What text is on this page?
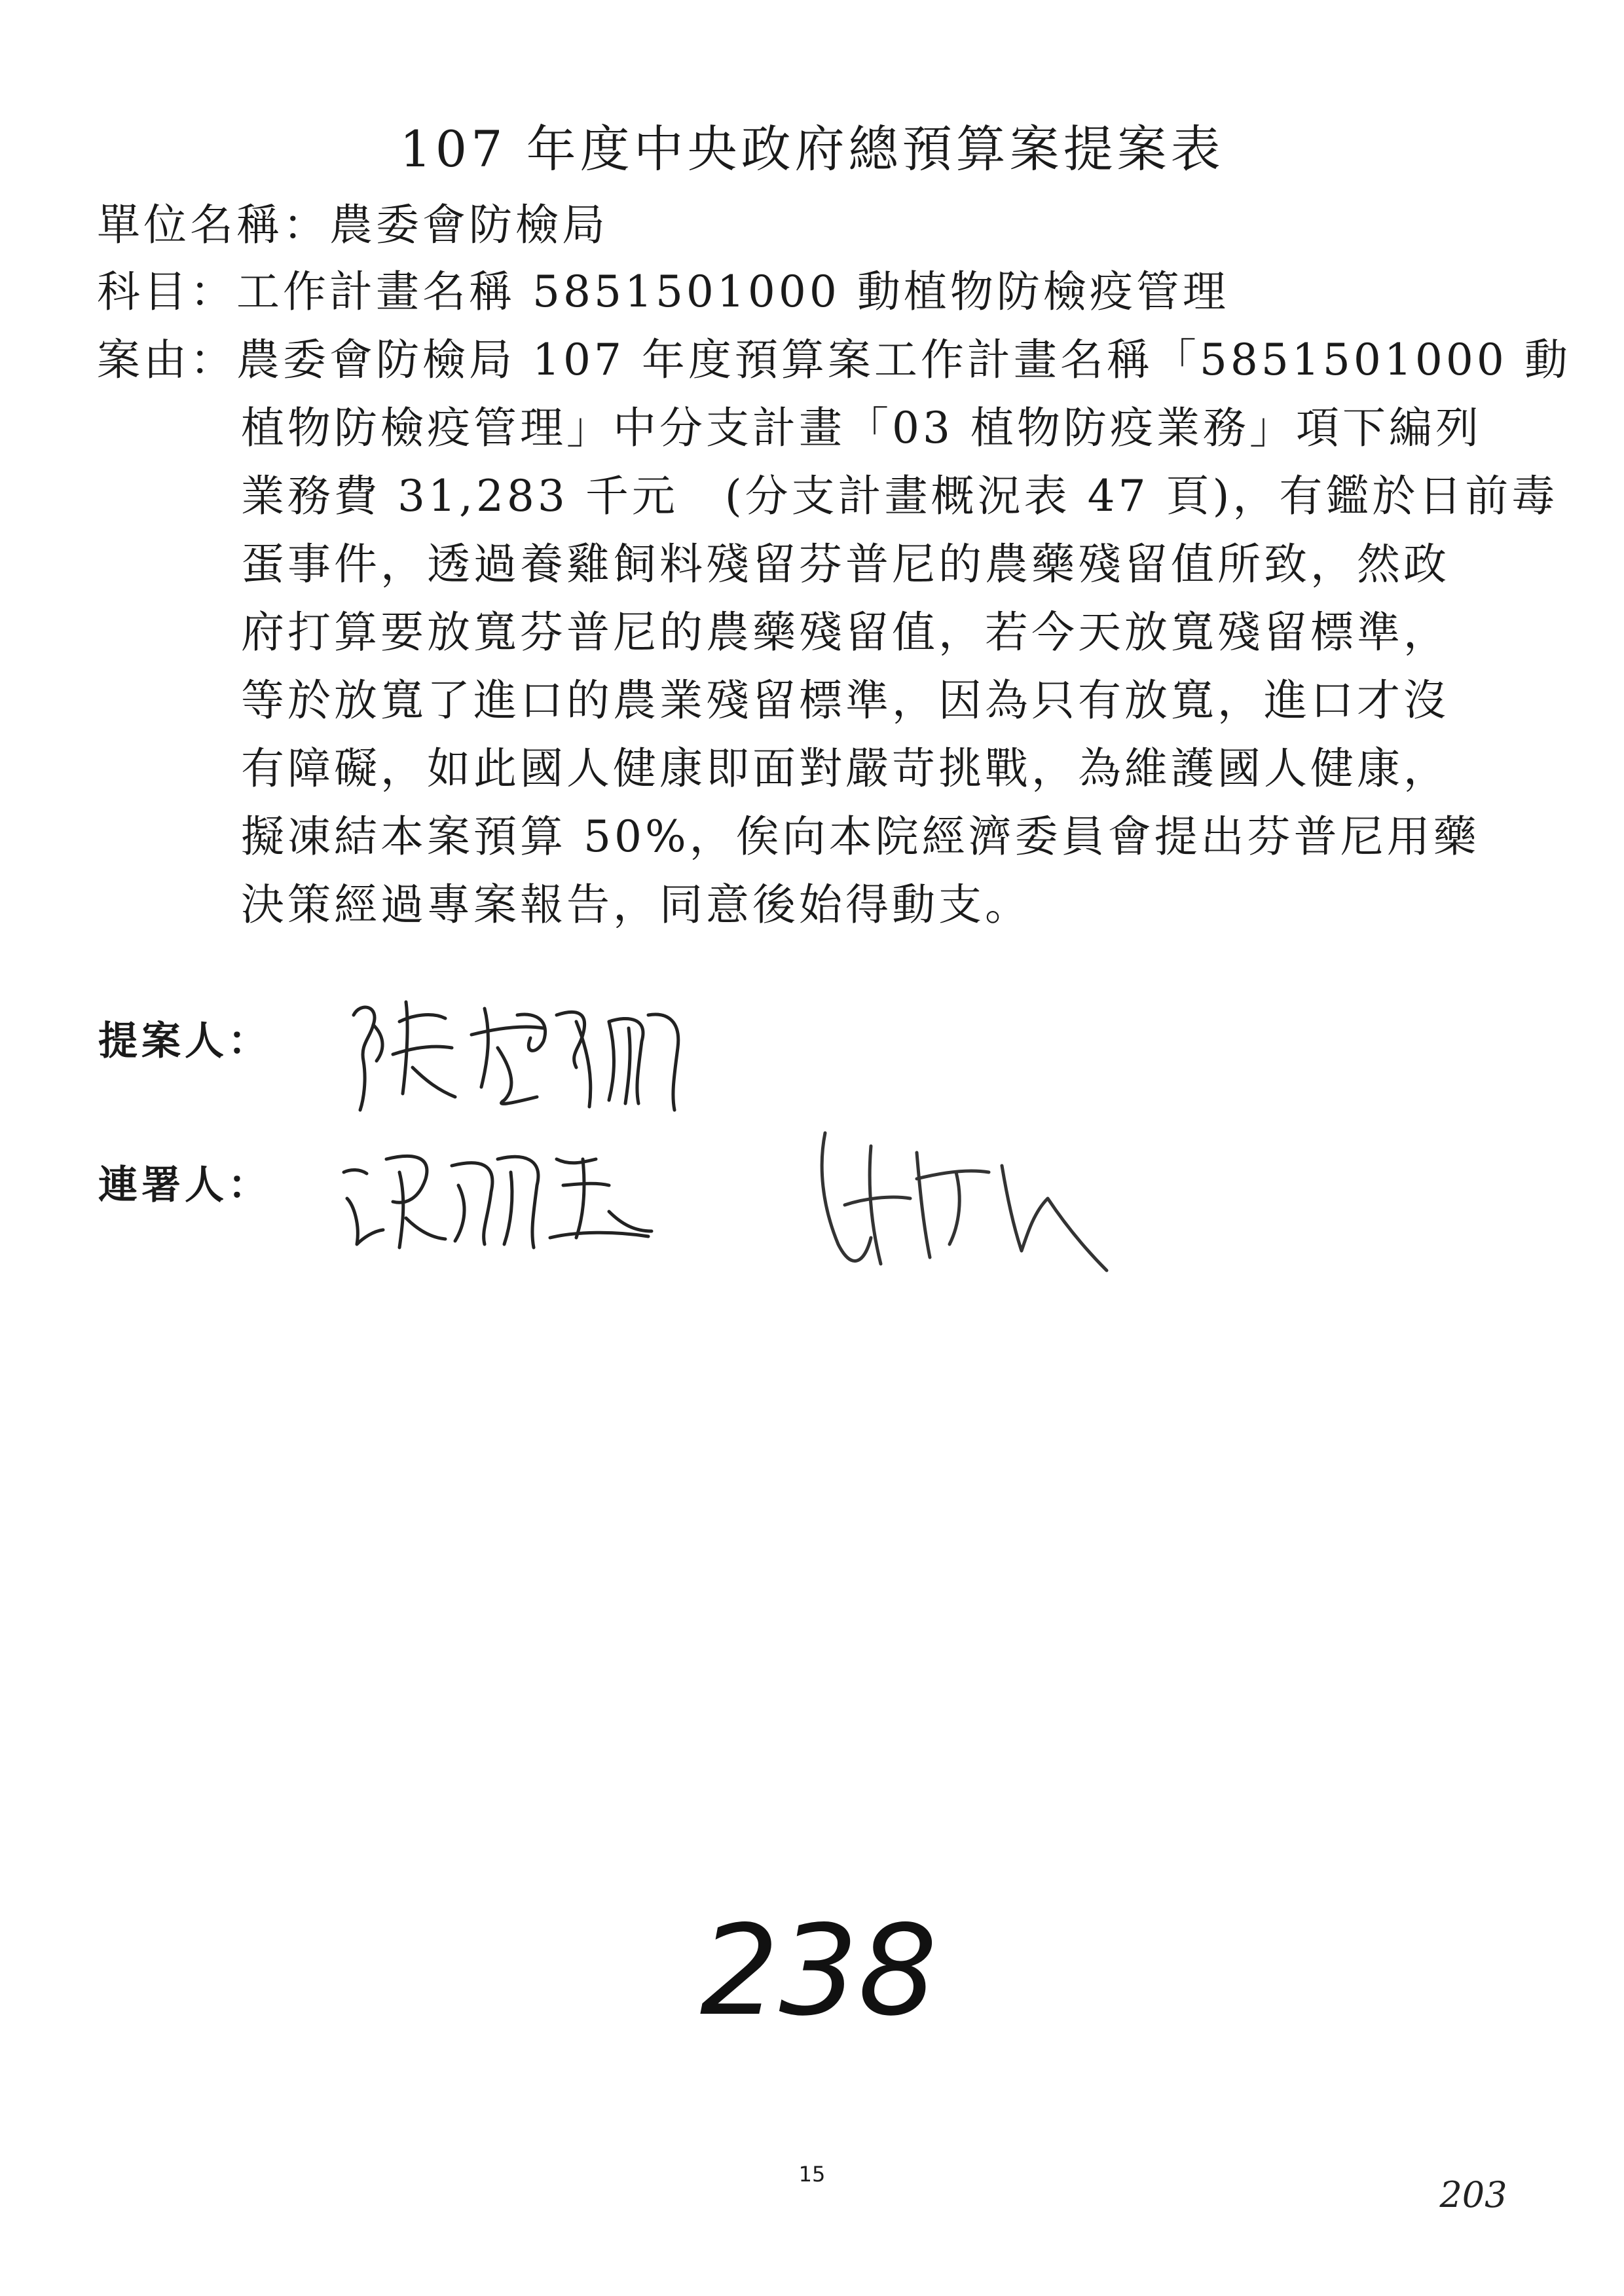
107 年度中央政府總預算案提案表
單位名稱：農委會防檢局
科目：工作計畫名稱 5851501000 動植物防檢疫管理
案由：農委會防檢局 107 年度預算案工作計畫名稱「5851501000 動
植物防檢疫管理」中分支計畫「03 植物防疫業務」項下編列
業務費 31,283 千元　(分支計畫概況表 47 頁)，有鑑於日前毒
蛋事件，透過養雞飼料殘留芬普尼的農藥殘留值所致，然政
府打算要放寬芬普尼的農藥殘留值，若今天放寬殘留標準，
等於放寬了進口的農業殘留標準，因為只有放寬，進口才沒
有障礙，如此國人健康即面對嚴苛挑戰，為維護國人健康，
擬凍結本案預算 50%，俟向本院經濟委員會提出芬普尼用藥
決策經過專案報告，同意後始得動支。
提案人：
連署人：
238
15	203
